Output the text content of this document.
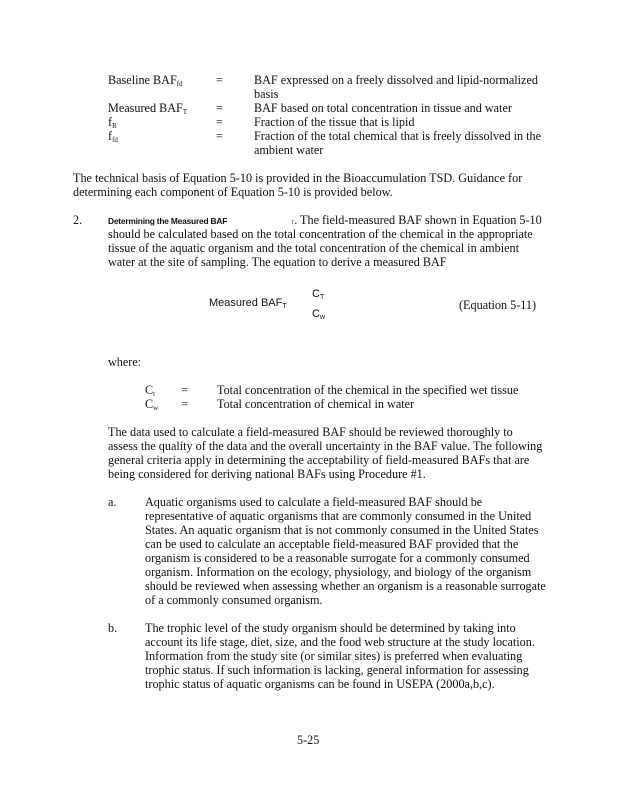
Baseline $BAF_{fd}$	=	BAF expressed on a freely dissolved and lipid-normalized
basis
Measured $BAF_T$ =	BAF based on total concentration in tissue and water
$f_R$	=	Fraction of the tissue that is lipid
$f_{fd}$	=	Fraction of the total chemical that is freely dissolved in the
ambient water
The technical basis of Equation 5-10 is provided in the Bioaccumulation TSD. Guidance for
determining each component of Equation 5-10 is provided below.
2.	Determining the Measured BAF	T. The field-measured BAF shown in Equation 5-10
should be calculated based on the total concentration of the chemical in the appropriate
tissue of the aquatic organism and the total concentration of the chemical in ambient
water at the site of sampling. The equation to derive a measured BAF
Measured $BAF_T$
$C_T$
$C_w$
(Equation 5-11)
where:
$C_t$ = Total concentration of the chemical in the specified wet tissue
$C_w$ = Total concentration of chemical in water
The data used to calculate a field-measured BAF should be reviewed thoroughly to
assess the quality of the data and the overall uncertainty in the BAF value. The following
general criteria apply in determining the acceptability of field-measured BAFs that are
being considered for deriving national BAFs using Procedure #1.
a. Aquatic organisms used to calculate a field-measured BAF should be
representative of aquatic organisms that are commonly consumed in the United
States. An aquatic organism that is not commonly consumed in the United States
can be used to calculate an acceptable field-measured BAF provided that the
organism is considered to be a reasonable surrogate for a commonly consumed
organism. Information on the ecology, physiology, and biology of the organism
should be reviewed when assessing whether an organism is a reasonable surrogate
of a commonly consumed organism.
b. The trophic level of the study organism should be determined by taking into
account its life stage, diet, size, and the food web structure at the study location.
Information from the study site (or similar sites) is preferred when evaluating
trophic status. If such information is lacking, general information for assessing
trophic status of aquatic organisms can be found in USEPA (2000a,b,c).
5-25
